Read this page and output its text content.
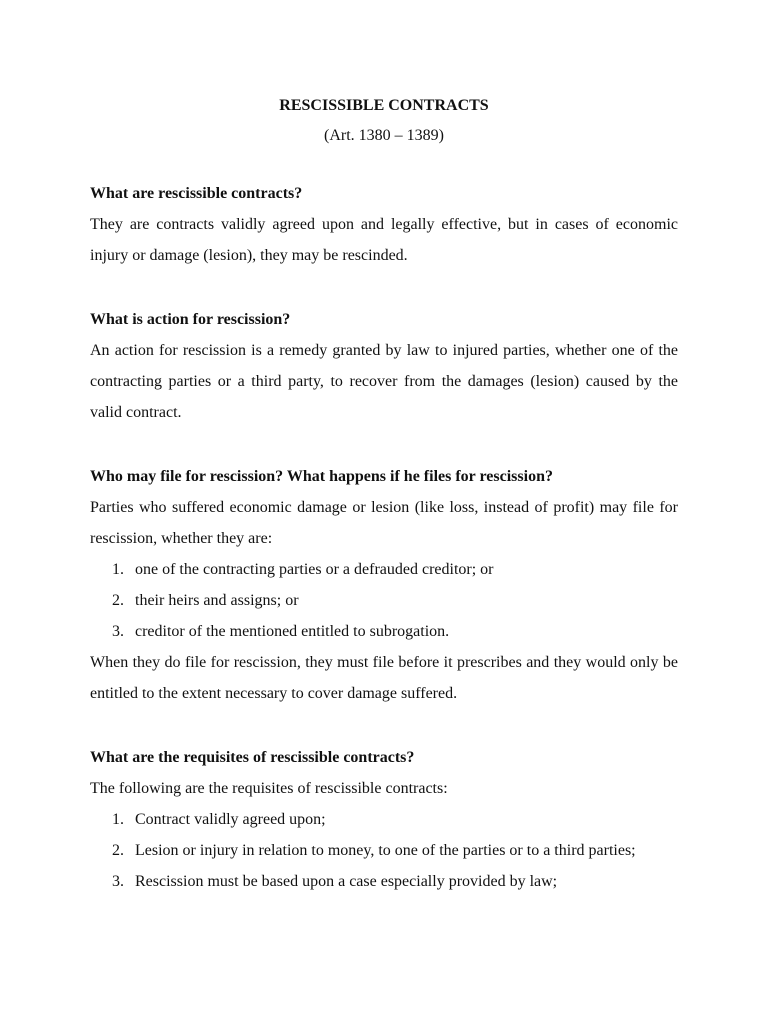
RESCISSIBLE CONTRACTS

(Art. 1380 – 1389)

What are rescissible contracts?

They are contracts validly agreed upon and legally effective, but in cases of economic injury or damage (lesion), they may be rescinded.

What is action for rescission?

An action for rescission is a remedy granted by law to injured parties, whether one of the contracting parties or a third party, to recover from the damages (lesion) caused by the valid contract.

Who may file for rescission? What happens if he files for rescission?

Parties who suffered economic damage or lesion (like loss, instead of profit) may file for rescission, whether they are:

1. one of the contracting parties or a defrauded creditor; or
2. their heirs and assigns; or
3. creditor of the mentioned entitled to subrogation.

When they do file for rescission, they must file before it prescribes and they would only be entitled to the extent necessary to cover damage suffered.

What are the requisites of rescissible contracts?

The following are the requisites of rescissible contracts:

1. Contract validly agreed upon;
2. Lesion or injury in relation to money, to one of the parties or to a third parties;
3. Rescission must be based upon a case especially provided by law;
